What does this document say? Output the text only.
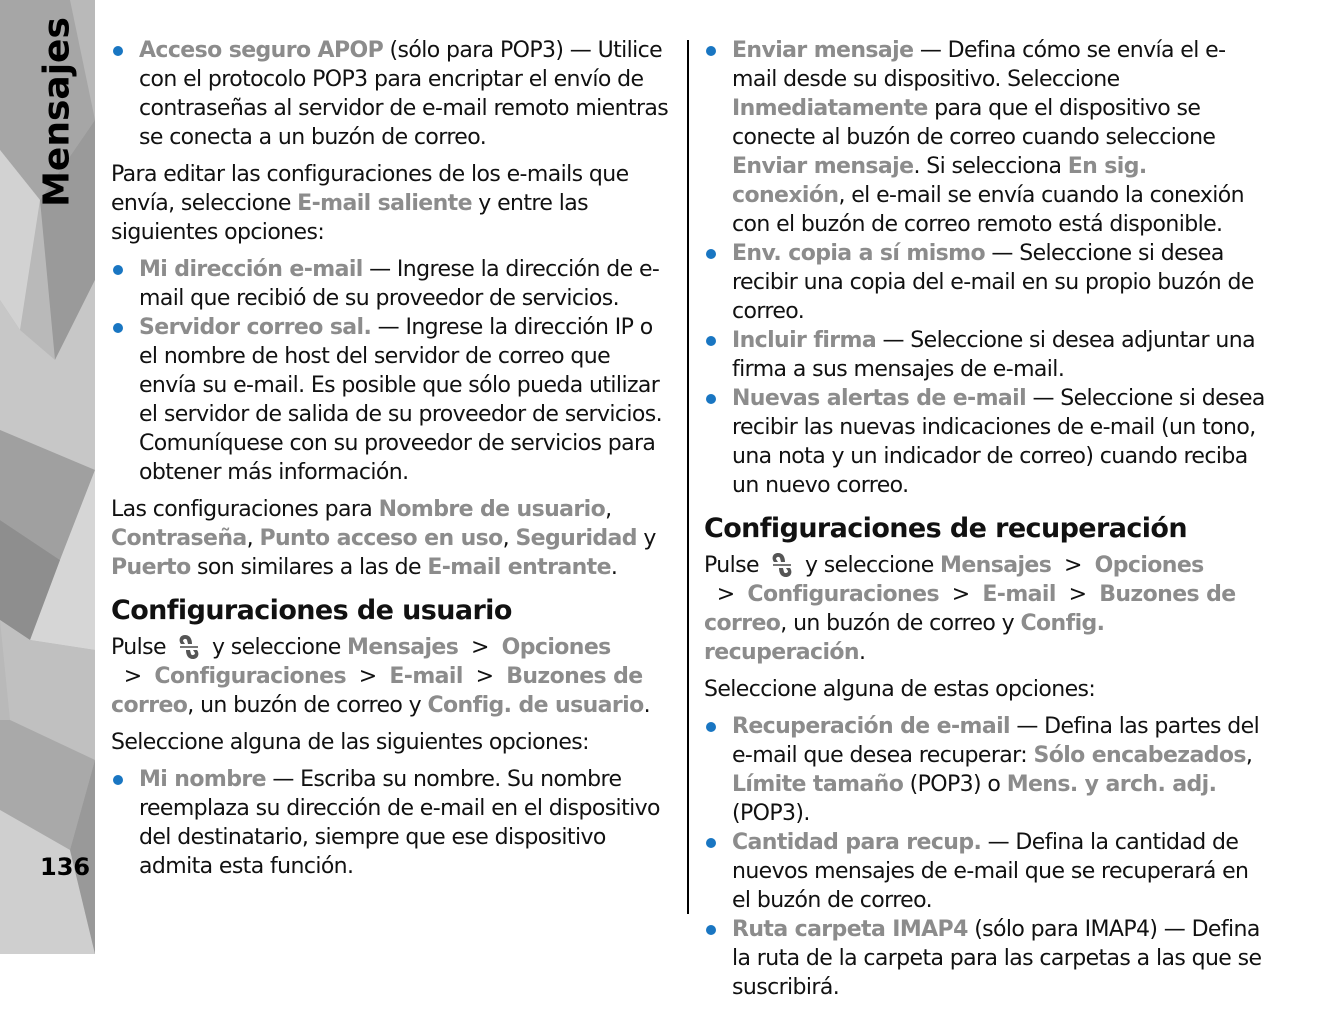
Mensajes
136
Acceso seguro APOP (sólo para POP3) — Utilice con el protocolo POP3 para encriptar el envío de contraseñas al servidor de e-mail remoto mientras se conecta a un buzón de correo.

Para editar las configuraciones de los e-mails que envía, seleccione E-mail saliente y entre las siguientes opciones:

Mi dirección e-mail — Ingrese la dirección de e-mail que recibió de su proveedor de servicios.
Servidor correo sal. — Ingrese la dirección IP o el nombre de host del servidor de correo que envía su e-mail. Es posible que sólo pueda utilizar el servidor de salida de su proveedor de servicios. Comuníquese con su proveedor de servicios para obtener más información.

Las configuraciones para Nombre de usuario, Contraseña, Punto acceso en uso, Seguridad y Puerto son similares a las de E-mail entrante.

Configuraciones de usuario

Pulse y seleccione Mensajes  >  Opciones  >  Configuraciones  >  E-mail  >  Buzones de correo, un buzón de correo y Config. de usuario.

Seleccione alguna de las siguientes opciones:

Mi nombre — Escriba su nombre. Su nombre reemplaza su dirección de e-mail en el dispositivo del destinatario, siempre que ese dispositivo admita esta función.
Enviar mensaje — Defina cómo se envía el e-mail desde su dispositivo. Seleccione Inmediatamente para que el dispositivo se conecte al buzón de correo cuando seleccione Enviar mensaje. Si selecciona En sig. conexión, el e-mail se envía cuando la conexión con el buzón de correo remoto está disponible.
Env. copia a sí mismo — Seleccione si desea recibir una copia del e-mail en su propio buzón de correo.
Incluir firma — Seleccione si desea adjuntar una firma a sus mensajes de e-mail.
Nuevas alertas de e-mail — Seleccione si desea recibir las nuevas indicaciones de e-mail (un tono, una nota y un indicador de correo) cuando reciba un nuevo correo.
Configuraciones de recuperación

Pulse y seleccione Mensajes  >  Opciones  >  Configuraciones  >  E-mail  >  Buzones de correo, un buzón de correo y Config. recuperación.

Seleccione alguna de estas opciones:

Recuperación de e-mail — Defina las partes del e-mail que desea recuperar: Sólo encabezados, Límite tamaño (POP3) o Mens. y arch. adj. (POP3).
Cantidad para recup. — Defina la cantidad de nuevos mensajes de e-mail que se recuperará en el buzón de correo.
Ruta carpeta IMAP4 (sólo para IMAP4) — Defina la ruta de la carpeta para las carpetas a las que se suscribirá.
